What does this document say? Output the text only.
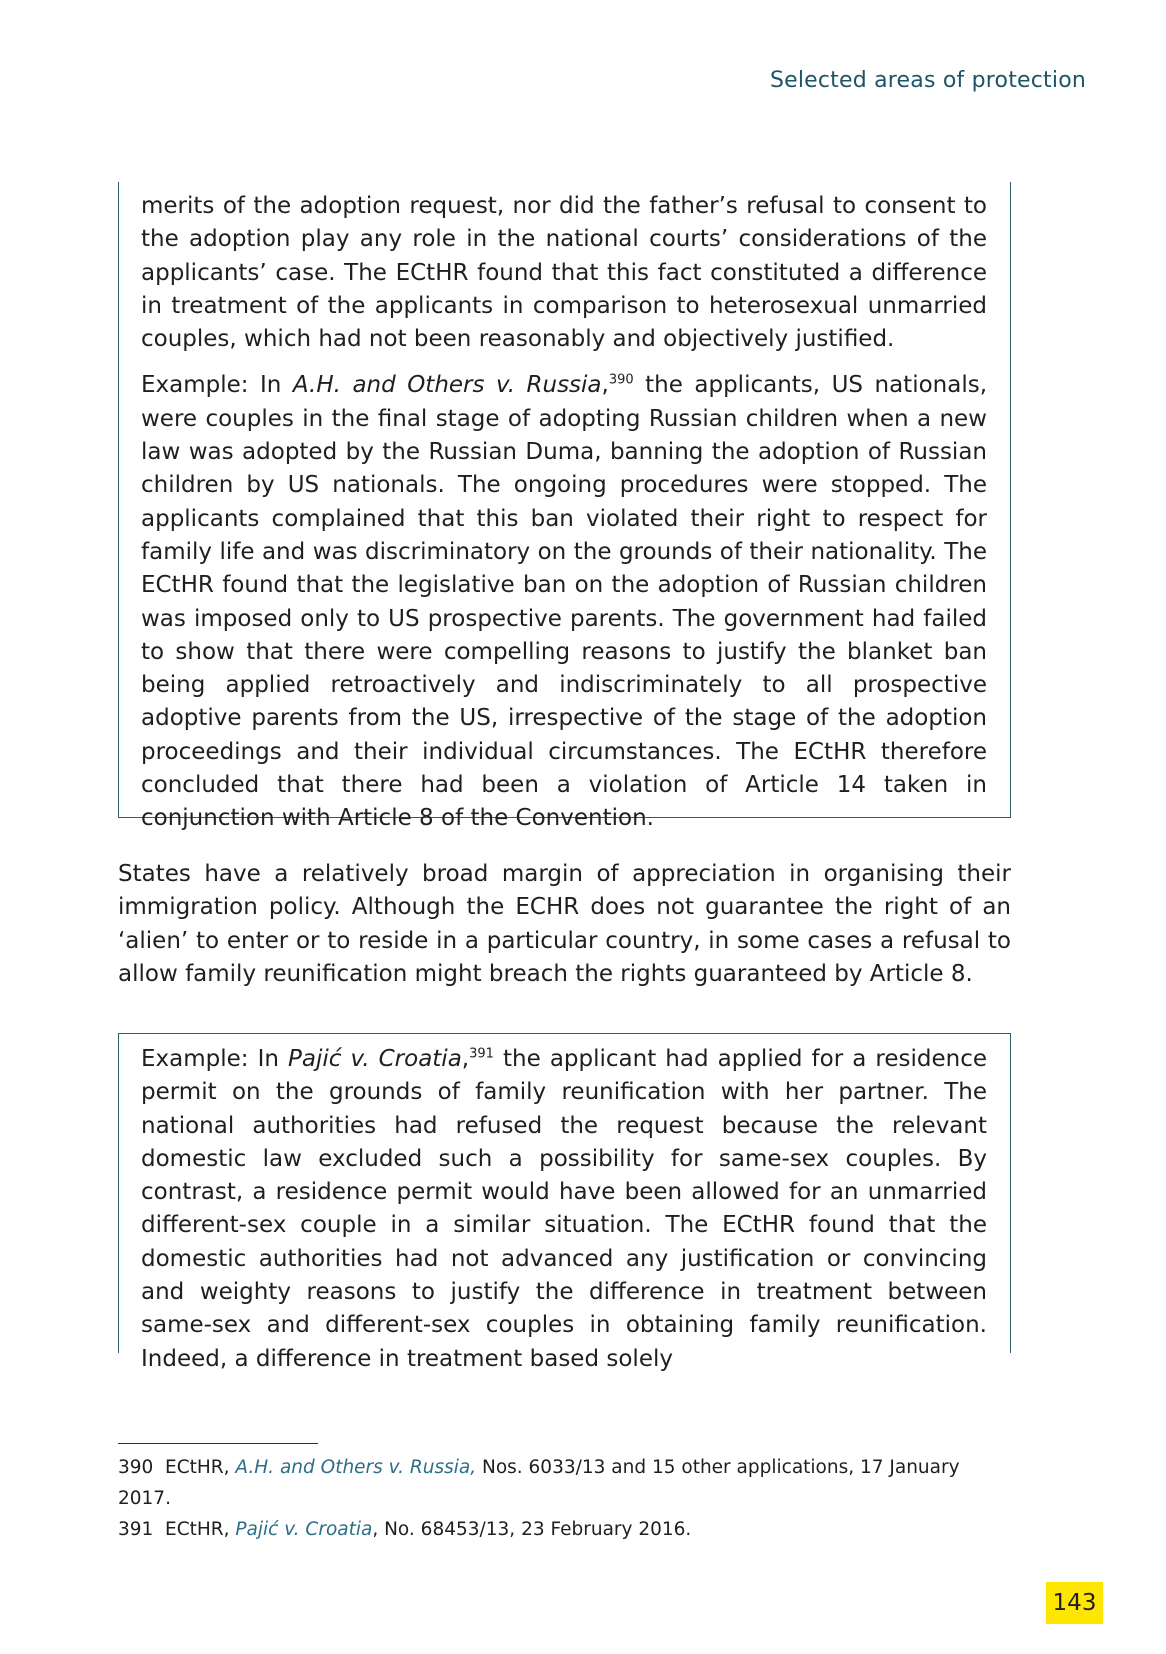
Selected areas of protection

merits of the adoption request, nor did the father’s refusal to consent to the adoption play any role in the national courts’ considerations of the applicants’ case. The ECtHR found that this fact constituted a difference in treatment of the applicants in comparison to heterosexual unmarried couples, which had not been reasonably and objectively justified.

Example: In A.H. and Others v. Russia,$^{390}$ the applicants, US nationals, were couples in the final stage of adopting Russian children when a new law was adopted by the Russian Duma, banning the adoption of Russian children by US nationals. The ongoing procedures were stopped. The applicants complained that this ban violated their right to respect for family life and was discriminatory on the grounds of their nationality. The ECtHR found that the legislative ban on the adoption of Russian children was imposed only to US prospective parents. The government had failed to show that there were compelling reasons to justify the blanket ban being applied retroactively and indiscriminately to all prospective adoptive parents from the US, irrespective of the stage of the adoption proceedings and their individual circumstances. The ECtHR therefore concluded that there had been a violation of Article 14 taken in conjunction with Article 8 of the Convention.

States have a relatively broad margin of appreciation in organising their immigration policy. Although the ECHR does not guarantee the right of an ‘alien’ to enter or to reside in a particular country, in some cases a refusal to allow family reunification might breach the rights guaranteed by Article 8.

Example: In Pajić v. Croatia,$^{391}$ the applicant had applied for a residence permit on the grounds of family reunification with her partner. The national authorities had refused the request because the relevant domestic law excluded such a possibility for same-sex couples. By contrast, a residence permit would have been allowed for an unmarried different-sex couple in a similar situation. The ECtHR found that the domestic authorities had not advanced any justification or convincing and weighty reasons to justify the difference in treatment between same-sex and different-sex couples in obtaining family reunification. Indeed, a difference in treatment based solely

390 ECtHR, A.H. and Others v. Russia, Nos. 6033/13 and 15 other applications, 17 January 2017.

391 ECtHR, Pajić v. Croatia, No. 68453/13, 23 February 2016.

143
